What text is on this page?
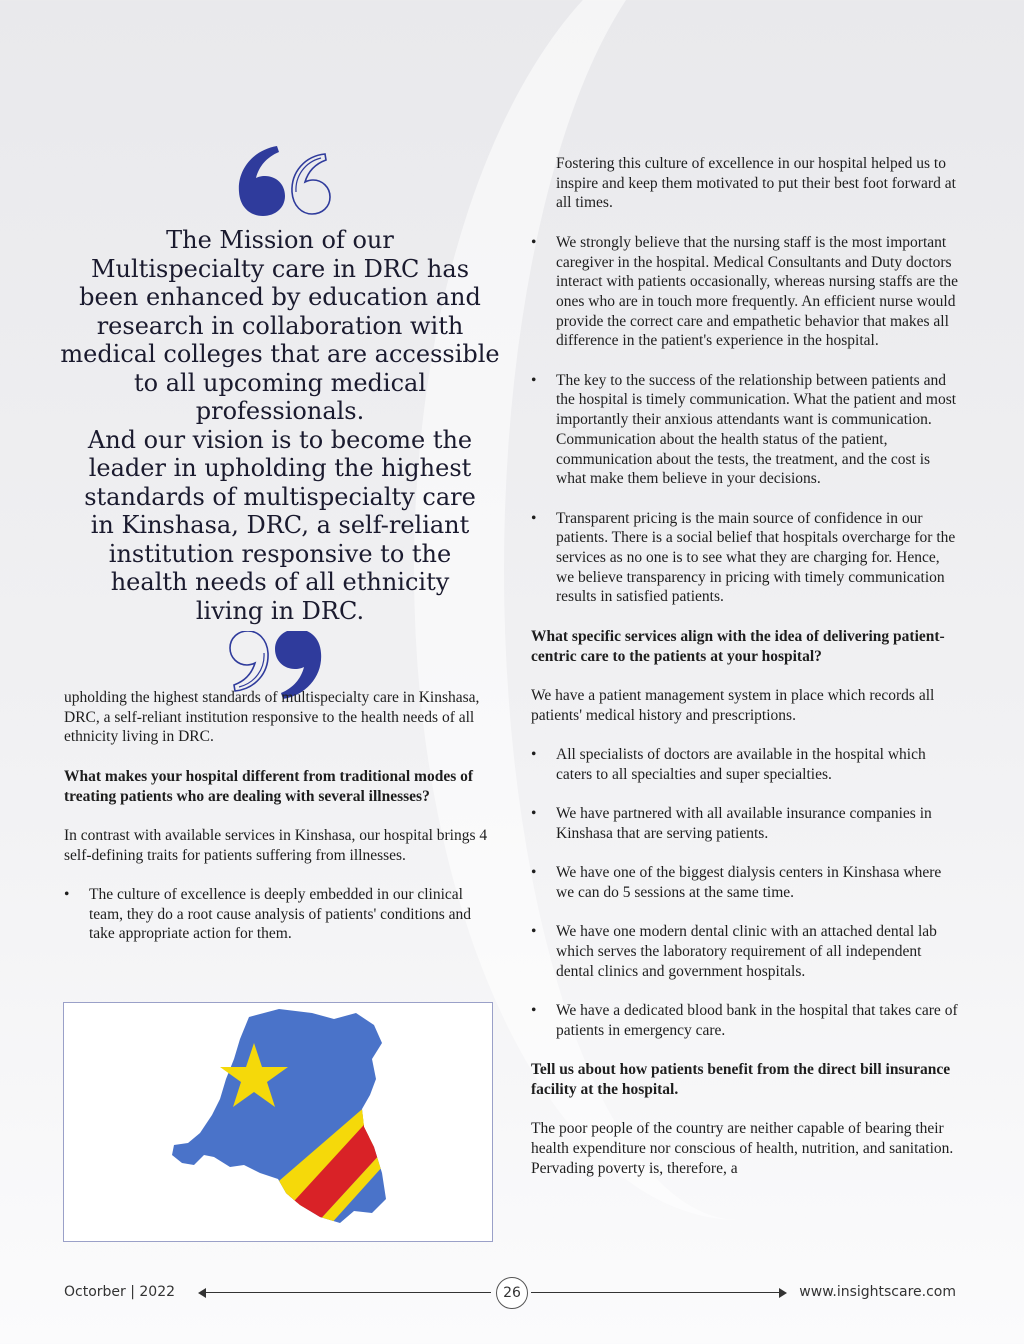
The Mission of our
Multispecialty care in DRC has
been enhanced by education and
research in collaboration with
medical colleges that are accessible
to all upcoming medical professionals.
And our vision is to become the
leader in upholding the highest
standards of multispecialty care
in Kinshasa, DRC, a self-reliant
institution responsive to the
health needs of all ethnicity
living in DRC.

upholding the highest standards of multispecialty care in Kinshasa, DRC, a self-reliant institution responsive to the health needs of all ethnicity living in DRC.

What makes your hospital different from traditional modes of treating patients who are dealing with several illnesses?

In contrast with available services in Kinshasa, our hospital brings 4 self-defining traits for patients suffering from illnesses.

• The culture of excellence is deeply embedded in our clinical team, they do a root cause analysis of patients' conditions and take appropriate action for them.

Fostering this culture of excellence in our hospital helped us to inspire and keep them motivated to put their best foot forward at all times.

• We strongly believe that the nursing staff is the most important caregiver in the hospital. Medical Consultants and Duty doctors interact with patients occasionally, whereas nursing staffs are the ones who are in touch more frequently. An efficient nurse would provide the correct care and empathetic behavior that makes all difference in the patient's experience in the hospital.
• The key to the success of the relationship between patients and the hospital is timely communication. What the patient and most importantly their anxious attendants want is communication. Communication about the health status of the patient, communication about the tests, the treatment, and the cost is what make them believe in your decisions.
• Transparent pricing is the main source of confidence in our patients. There is a social belief that hospitals overcharge for the services as no one is to see what they are charging for. Hence, we believe transparency in pricing with timely communication results in satisfied patients.
What specific services align with the idea of delivering patient-centric care to the patients at your hospital?

We have a patient management system in place which records all patients' medical history and prescriptions.

• All specialists of doctors are available in the hospital which caters to all specialties and super specialties.
• We have partnered with all available insurance companies in Kinshasa that are serving patients.
• We have one of the biggest dialysis centers in Kinshasa where we can do 5 sessions at the same time.
• We have one modern dental clinic with an attached dental lab which serves the laboratory requirement of all independent dental clinics and government hospitals.
• We have a dedicated blood bank in the hospital that takes care of patients in emergency care.
Tell us about how patients benefit from the direct bill insurance facility at the hospital.

The poor people of the country are neither capable of bearing their health expenditure nor conscious of health, nutrition, and sanitation. Pervading poverty is, therefore, a

Octorber | 2022	26	www.insightscare.com
